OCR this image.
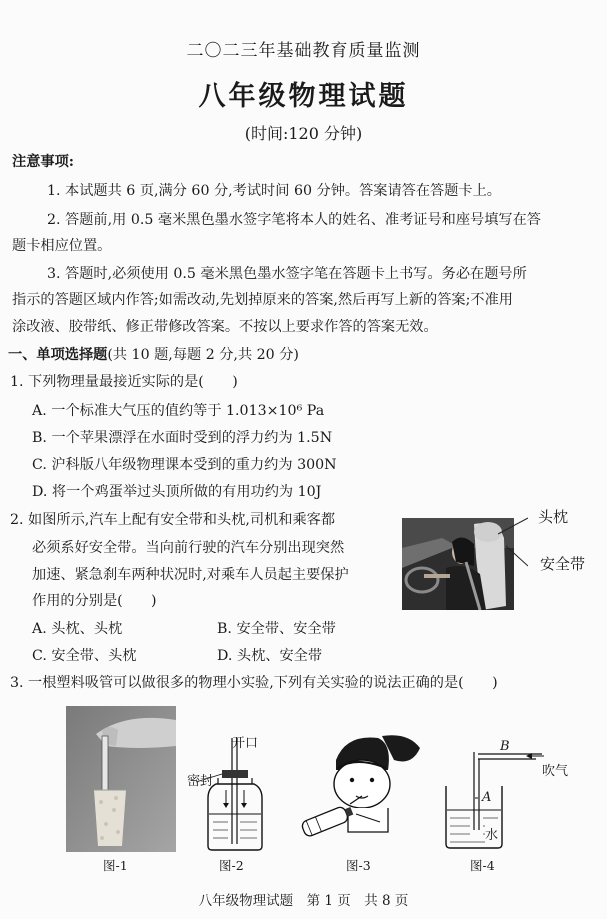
二〇二三年基础教育质量监测
八年级物理试题
(时间:120 分钟)
注意事项:
1. 本试题共 6 页,满分 60 分,考试时间 60 分钟。答案请答在答题卡上。
2. 答题前,用 0.5 毫米黑色墨水签字笔将本人的姓名、准考证号和座号填写在答
题卡相应位置。
3. 答题时,必须使用 0.5 毫米黑色墨水签字笔在答题卡上书写。务必在题号所
指示的答题区域内作答;如需改动,先划掉原来的答案,然后再写上新的答案;不准用
涂改液、胶带纸、修正带修改答案。不按以上要求作答的答案无效。
一、单项选择题(共 10 题,每题 2 分,共 20 分)
1. 下列物理量最接近实际的是(　　)
A. 一个标准大气压的值约等于 1.013×10⁶ Pa
B. 一个苹果漂浮在水面时受到的浮力约为 1.5N
C. 沪科版八年级物理课本受到的重力约为 300N
D. 将一个鸡蛋举过头顶所做的有用功约为 10J
2. 如图所示,汽车上配有安全带和头枕,司机和乘客都
必须系好安全带。当向前行驶的汽车分别出现突然
加速、紧急刹车两种状况时,对乘车人员起主要保护
作用的分别是(　　)
A. 头枕、头枕	B. 安全带、安全带
C. 安全带、头枕	D. 头枕、安全带
头枕
安全带
3. 一根塑料吸管可以做很多的物理小实验,下列有关实验的说法正确的是(　　)
开口
密封
B
吹气
A
水
图-1	图-2	图-3	图-4
八年级物理试题　第 1 页　共 8 页
